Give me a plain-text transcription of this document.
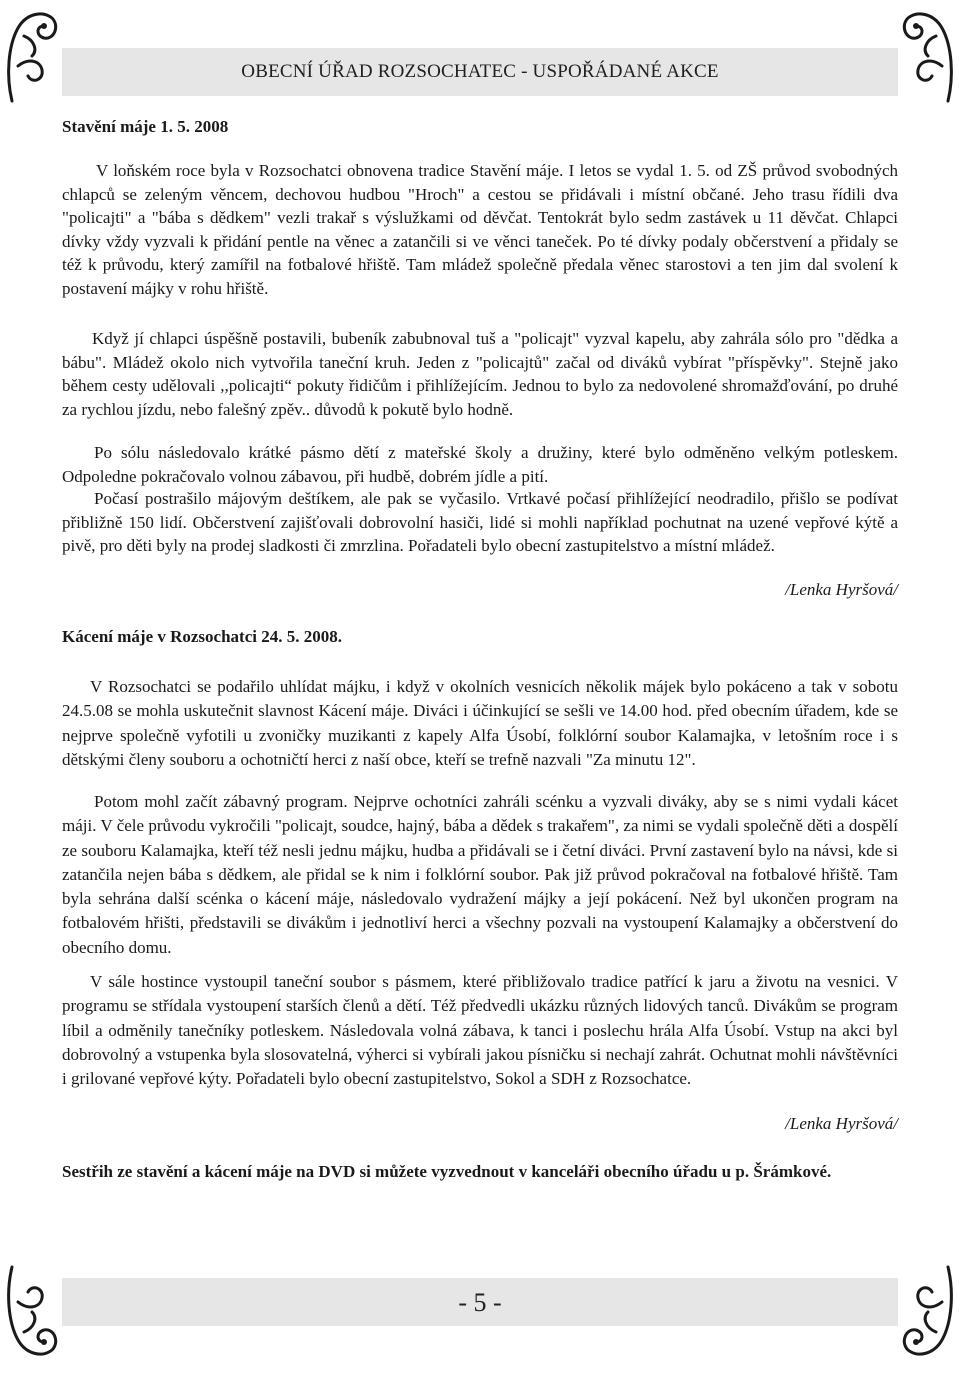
OBECNÍ ÚŘAD ROZSOCHATEC - USPOŘÁDANÉ AKCE
Stavění máje 1. 5. 2008

V loňském roce byla v Rozsochatci obnovena tradice Stavění máje. I letos se vydal 1. 5. od ZŠ průvod svobodných chlapců se zeleným věncem, dechovou hudbou "Hroch" a cestou se přidávali i místní občané. Jeho trasu řídili dva "policajti" a "bába s dědkem" vezli trakař s výslužkami od děvčat. Tentokrát bylo sedm zastávek u 11 děvčat. Chlapci dívky vždy vyzvali k přidání pentle na věnec a zatančili si ve věnci taneček. Po té dívky podaly občerstvení a přidaly se též k průvodu, který zamířil na fotbalové hřiště. Tam mládež společně předala věnec starostovi a ten jim dal svolení k postavení májky v rohu hřiště.

Když jí chlapci úspěšně postavili, bubeník zabubnoval tuš a "policajt" vyzval kapelu, aby zahrála sólo pro "dědka a bábu". Mládež okolo nich vytvořila taneční kruh. Jeden z "policajtů" začal od diváků vybírat "příspěvky". Stejně jako během cesty udělovali ,,policajti“ pokuty řidičům i přihlížejícím. Jednou to bylo za nedovolené shromažďování, po druhé za rychlou jízdu, nebo falešný zpěv.. důvodů k pokutě bylo hodně.

Po sólu následovalo krátké pásmo dětí z mateřské školy a družiny, které bylo odměněno velkým potleskem. Odpoledne pokračovalo volnou zábavou, při hudbě, dobrém jídle a pití.

Počasí postrašilo májovým deštíkem, ale pak se vyčasilo. Vrtkavé počasí přihlížející neodradilo, přišlo se podívat přibližně 150 lidí. Občerstvení zajišťovali dobrovolní hasiči, lidé si mohli například pochutnat na uzené vepřové kýtě a pivě, pro děti byly na prodej sladkosti či zmrzlina. Pořadateli bylo obecní zastupitelstvo a místní mládež.

/Lenka Hyršová/
Kácení máje v Rozsochatci 24. 5. 2008.

V Rozsochatci se podařilo uhlídat májku, i když v okolních vesnicích několik májek bylo pokáceno a tak v sobotu 24.5.08 se mohla uskutečnit slavnost Kácení máje. Diváci i účinkující se sešli ve 14.00 hod. před obecním úřadem, kde se nejprve společně vyfotili u zvoničky muzikanti z kapely Alfa Úsobí, folklórní soubor Kalamajka, v letošním roce i s dětskými členy souboru a ochotničtí herci z naší obce, kteří se trefně nazvali "Za minutu 12".

Potom mohl začít zábavný program. Nejprve ochotníci zahráli scénku a vyzvali diváky, aby se s nimi vydali kácet máji. V čele průvodu vykročili "policajt, soudce, hajný, bába a dědek s trakařem", za nimi se vydali společně děti a dospělí ze souboru Kalamajka, kteří též nesli jednu májku, hudba a přidávali se i četní diváci. První zastavení bylo na návsi, kde si zatančila nejen bába s dědkem, ale přidal se k nim i folklórní soubor. Pak již průvod pokračoval na fotbalové hřiště. Tam byla sehrána další scénka o kácení máje, následovalo vydražení májky a její pokácení. Než byl ukončen program na fotbalovém hřišti, představili se divákům i jednotliví herci a všechny pozvali na vystoupení Kalamajky a občerstvení do obecního domu.

V sále hostince vystoupil taneční soubor s pásmem, které přibližovalo tradice patřící k jaru a životu na vesnici. V programu se střídala vystoupení starších členů a dětí. Též předvedli ukázku různých lidových tanců. Divákům se program líbil a odměnily tanečníky potleskem. Následovala volná zábava, k tanci i poslechu hrála Alfa Úsobí. Vstup na akci byl dobrovolný a vstupenka byla slosovatelná, výherci si vybírali jakou písničku si nechají zahrát. Ochutnat mohli návštěvníci i grilované vepřové kýty. Pořadateli bylo obecní zastupitelstvo, Sokol a SDH z Rozsochatce.

/Lenka Hyršová/

Sestřih ze stavění a kácení máje na DVD si můžete vyzvednout v kanceláři obecního úřadu u p. Šrámkové.

- 5 -
